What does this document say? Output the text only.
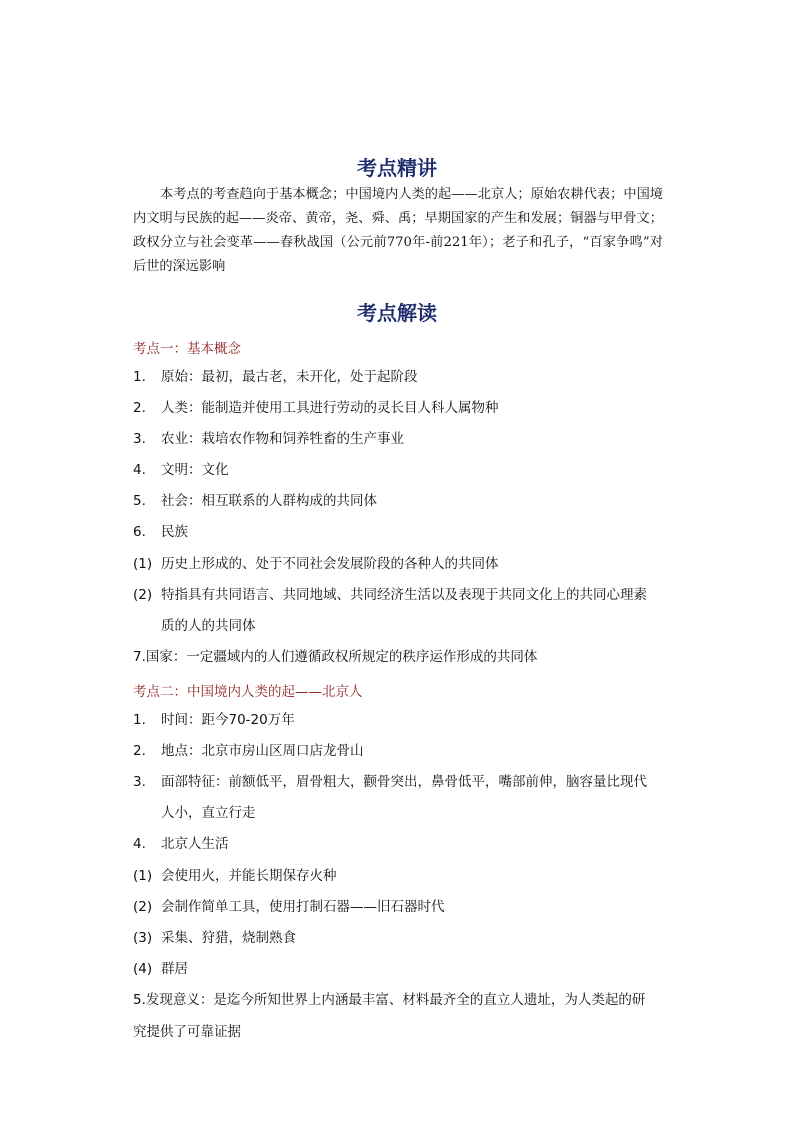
考点精讲
本考点的考查趋向于基本概念；中国境内人类的起——北京人；原始农耕代表；中国境内文明与民族的起——炎帝、黄帝，尧、舜、禹；早期国家的产生和发展；铜器与甲骨文；政权分立与社会变革——春秋战国（公元前770年-前221年）；老子和孔子，“百家争鸣”对后世的深远影响
考点解读
考点一：基本概念
1. 原始：最初，最古老，未开化，处于起阶段
2. 人类：能制造并使用工具进行劳动的灵长目人科人属物种
3. 农业：栽培农作物和饲养牲畜的生产事业
4. 文明：文化
5. 社会：相互联系的人群构成的共同体
6. 民族
(1) 历史上形成的、处于不同社会发展阶段的各种人的共同体
(2) 特指具有共同语言、共同地域、共同经济生活以及表现于共同文化上的共同心理素
质的人的共同体
7.国家：一定疆域内的人们遵循政权所规定的秩序运作形成的共同体
考点二：中国境内人类的起——北京人
1. 时间：距今70-20万年
2. 地点：北京市房山区周口店龙骨山
3. 面部特征：前额低平，眉骨粗大，颧骨突出，鼻骨低平，嘴部前伸，脑容量比现代
人小，直立行走
4. 北京人生活
(1) 会使用火，并能长期保存火种
(2) 会制作简单工具，使用打制石器——旧石器时代
(3) 采集、狩猎，烧制熟食
(4) 群居
5.发现意义：是迄今所知世界上内涵最丰富、材料最齐全的直立人遗址，为人类起的研
究提供了可靠证据
